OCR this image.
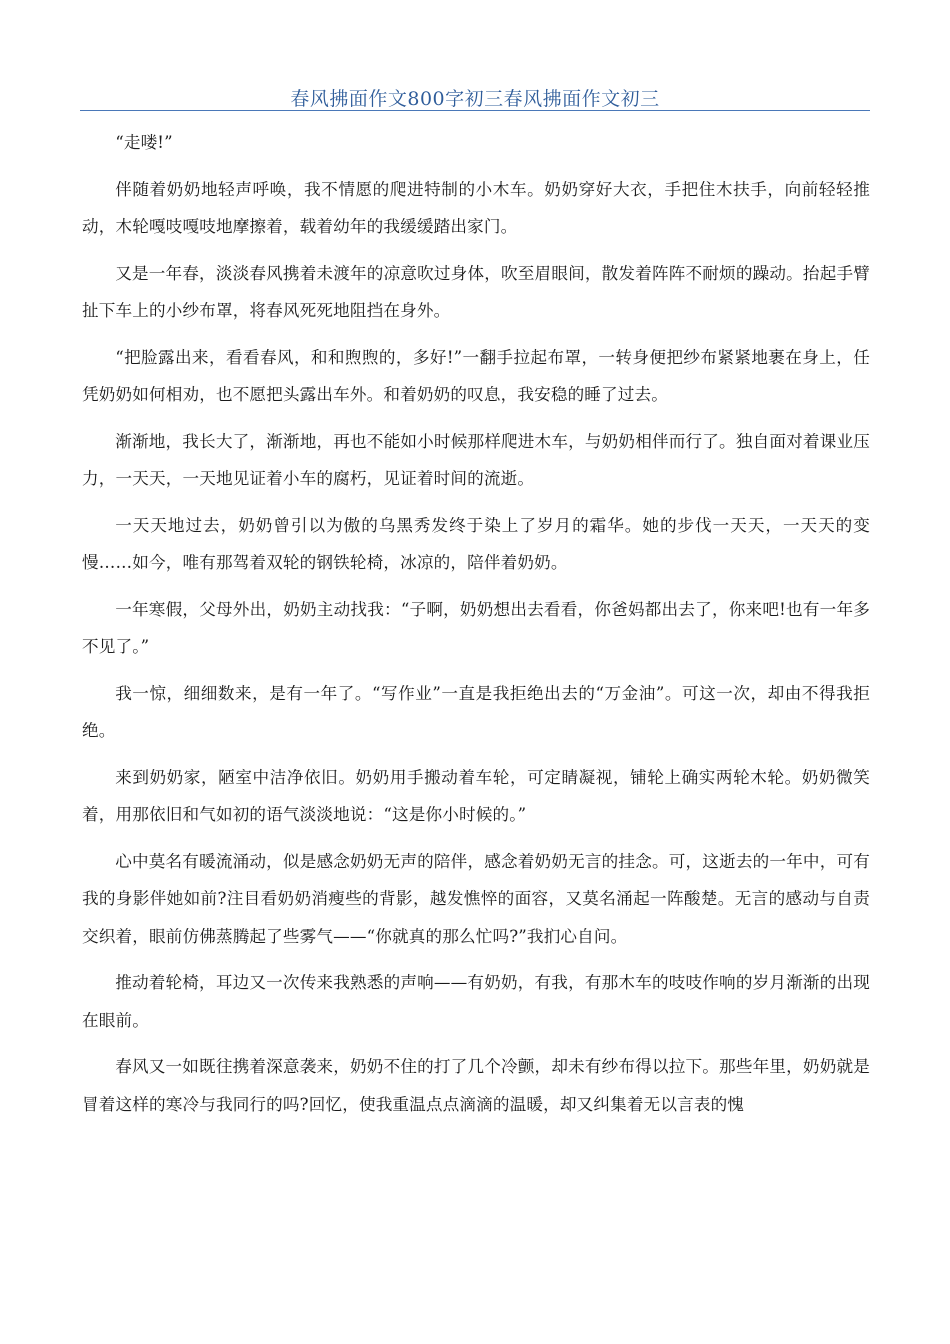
春风拂面作文800字初三春风拂面作文初三

“走喽!”

伴随着奶奶地轻声呼唤，我不情愿的爬进特制的小木车。奶奶穿好大衣，手把住木扶手，向前轻轻推动，木轮嘎吱嘎吱地摩擦着，载着幼年的我缓缓踏出家门。

又是一年春，淡淡春风携着未渡年的凉意吹过身体，吹至眉眼间，散发着阵阵不耐烦的躁动。抬起手臂扯下车上的小纱布罩，将春风死死地阻挡在身外。

“把脸露出来，看看春风，和和煦煦的，多好!”一翻手拉起布罩，一转身便把纱布紧紧地裹在身上，任凭奶奶如何相劝，也不愿把头露出车外。和着奶奶的叹息，我安稳的睡了过去。

渐渐地，我长大了，渐渐地，再也不能如小时候那样爬进木车，与奶奶相伴而行了。独自面对着课业压力，一天天，一天地见证着小车的腐朽，见证着时间的流逝。

一天天地过去，奶奶曾引以为傲的乌黑秀发终于染上了岁月的霜华。她的步伐一天天，一天天的变慢……如今，唯有那驾着双轮的钢铁轮椅，冰凉的，陪伴着奶奶。

一年寒假，父母外出，奶奶主动找我：“子啊，奶奶想出去看看，你爸妈都出去了，你来吧!也有一年多不见了。”

我一惊，细细数来，是有一年了。“写作业”一直是我拒绝出去的“万金油”。可这一次，却由不得我拒绝。

来到奶奶家，陋室中洁净依旧。奶奶用手搬动着车轮，可定睛凝视，铺轮上确实两轮木轮。奶奶微笑着，用那依旧和气如初的语气淡淡地说：“这是你小时候的。”

心中莫名有暖流涌动，似是感念奶奶无声的陪伴，感念着奶奶无言的挂念。可，这逝去的一年中，可有我的身影伴她如前?注目看奶奶消瘦些的背影，越发憔悴的面容，又莫名涌起一阵酸楚。无言的感动与自责交织着，眼前仿佛蒸腾起了些雾气——“你就真的那么忙吗?”我扪心自问。

推动着轮椅，耳边又一次传来我熟悉的声响——有奶奶，有我，有那木车的吱吱作响的岁月渐渐的出现在眼前。

春风又一如既往携着深意袭来，奶奶不住的打了几个冷颤，却未有纱布得以拉下。那些年里，奶奶就是冒着这样的寒冷与我同行的吗?回忆，使我重温点点滴滴的温暖，却又纠集着无以言表的愧
